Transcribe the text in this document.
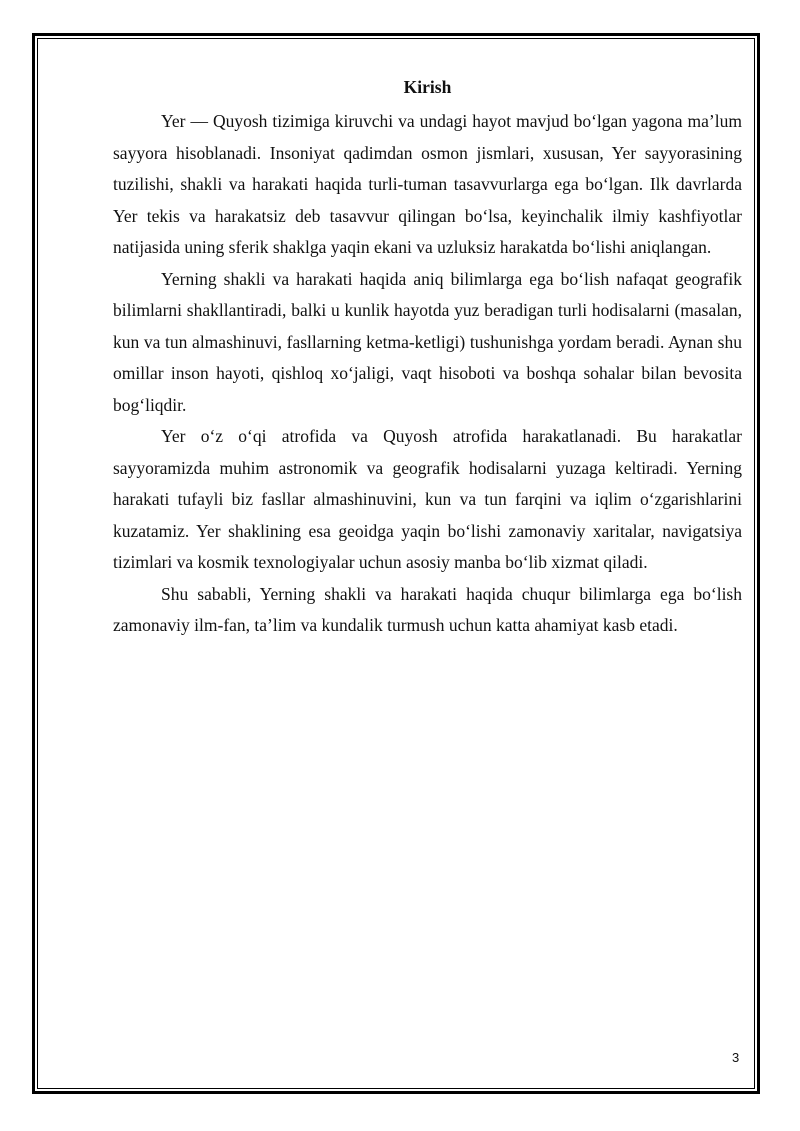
Kirish

Yer — Quyosh tizimiga kiruvchi va undagi hayot mavjud bo‘lgan yagona ma’lum sayyora hisoblanadi. Insoniyat qadimdan osmon jismlari, xususan, Yer sayyorasining tuzilishi, shakli va harakati haqida turli-tuman tasavvurlarga ega bo‘lgan. Ilk davrlarda Yer tekis va harakatsiz deb tasavvur qilingan bo‘lsa, keyinchalik ilmiy kashfiyotlar natijasida uning sferik shaklga yaqin ekani va uzluksiz harakatda bo‘lishi aniqlangan.

Yerning shakli va harakati haqida aniq bilimlarga ega bo‘lish nafaqat geografik bilimlarni shakllantiradi, balki u kunlik hayotda yuz beradigan turli hodisalarni (masalan, kun va tun almashinuvi, fasllarning ketma-ketligi) tushunishga yordam beradi. Aynan shu omillar inson hayoti, qishloq xo‘jaligi, vaqt hisoboti va boshqa sohalar bilan bevosita bog‘liqdir.

Yer o‘z o‘qi atrofida va Quyosh atrofida harakatlanadi. Bu harakatlar sayyoramizda muhim astronomik va geografik hodisalarni yuzaga keltiradi. Yerning harakati tufayli biz fasllar almashinuvini, kun va tun farqini va iqlim o‘zgarishlarini kuzatamiz. Yer shaklining esa geoidga yaqin bo‘lishi zamonaviy xaritalar, navigatsiya tizimlari va kosmik texnologiyalar uchun asosiy manba bo‘lib xizmat qiladi.

Shu sababli, Yerning shakli va harakati haqida chuqur bilimlarga ega bo‘lish zamonaviy ilm-fan, ta’lim va kundalik turmush uchun katta ahamiyat kasb etadi.

3
